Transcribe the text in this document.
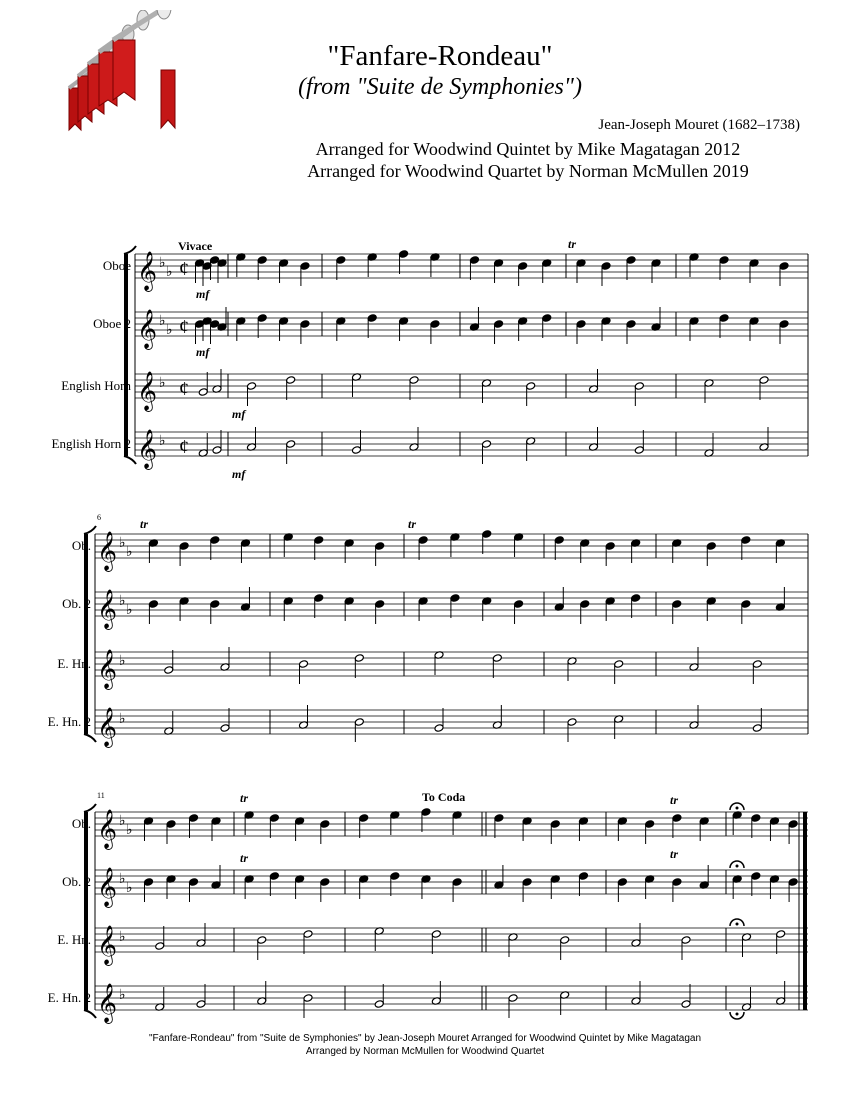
"Fanfare-Rondeau"
(from "Suite de Symphonies")
Jean-Joseph Mouret (1682–1738)
Arranged for Woodwind Quintet by Mike Magatagan 2012
Arranged for Woodwind Quartet by Norman McMullen 2019
Oboe 𝄞 ♭
♭ ¢
Oboe 2 𝄞 ♭
♭ ¢
English Horn 𝄞 ♭ ¢
English Horn 2 𝄞 ♭ ¢
6
Ob. 𝄞 ♭
♭
Ob. 2 𝄞 ♭
♭
E. Hn. 𝄞 ♭
E. Hn. 2 𝄞 ♭
11
Ob. 𝄞 ♭
♭
Ob. 2 𝄞 ♭
♭
E. Hn. 𝄞 ♭
E. Hn. 2 𝄞 ♭
Vivace
To Coda
mf
mf
mf
mf
tr
tr	tr
tr	tr
tr	tr
"Fanfare-Rondeau" from "Suite de Symphonies" by Jean-Joseph Mouret Arranged for Woodwind Quintet by Mike Magatagan
Arranged by Norman McMullen for Woodwind Quartet
